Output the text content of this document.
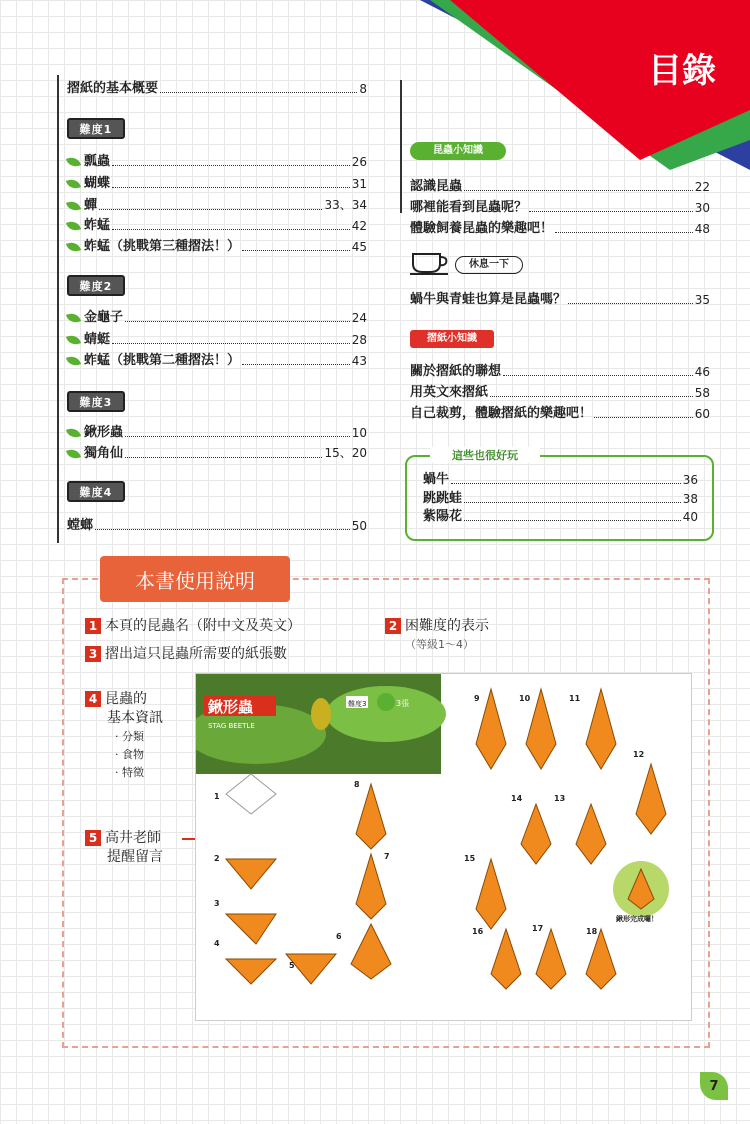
目錄
摺紙的基本概要	8
難度1
瓢蟲	26
蝴蝶	31
蟬	33、34
蚱蜢	42
蚱蜢（挑戰第三種摺法！）	45
難度2
金龜子	24
蜻蜓	28
蚱蜢（挑戰第二種摺法！）	43
難度3
鍬形蟲	10
獨角仙	15、20
難度4
螳螂	50
昆蟲小知識
認識昆蟲	22
哪裡能看到昆蟲呢？	30
體驗飼養昆蟲的樂趣吧！	48
休息一下
蝸牛與青蛙也算是昆蟲嗎？	35
摺紙小知識
關於摺紙的聯想	46
用英文來摺紙	58
自己裁剪，體驗摺紙的樂趣吧！	60
這些也很好玩
蝸牛	36
跳跳蛙	38
紫陽花	40
本書使用說明
1 本頁的昆蟲名（附中文及英文）
3 摺出這只昆蟲所需要的紙張數
2 困難度的表示
（等級1～4）
4 昆蟲的
基本資訊
· 分類
· 食物
· 特徵
5 高井老師
提醒留言
鍬形蟲
STAG BEETLE
難度3	3張
鍬形完成囉！
1
2
3
4
5
6
7
8
9	10	11
12
13
14
15
16	17	18
7
